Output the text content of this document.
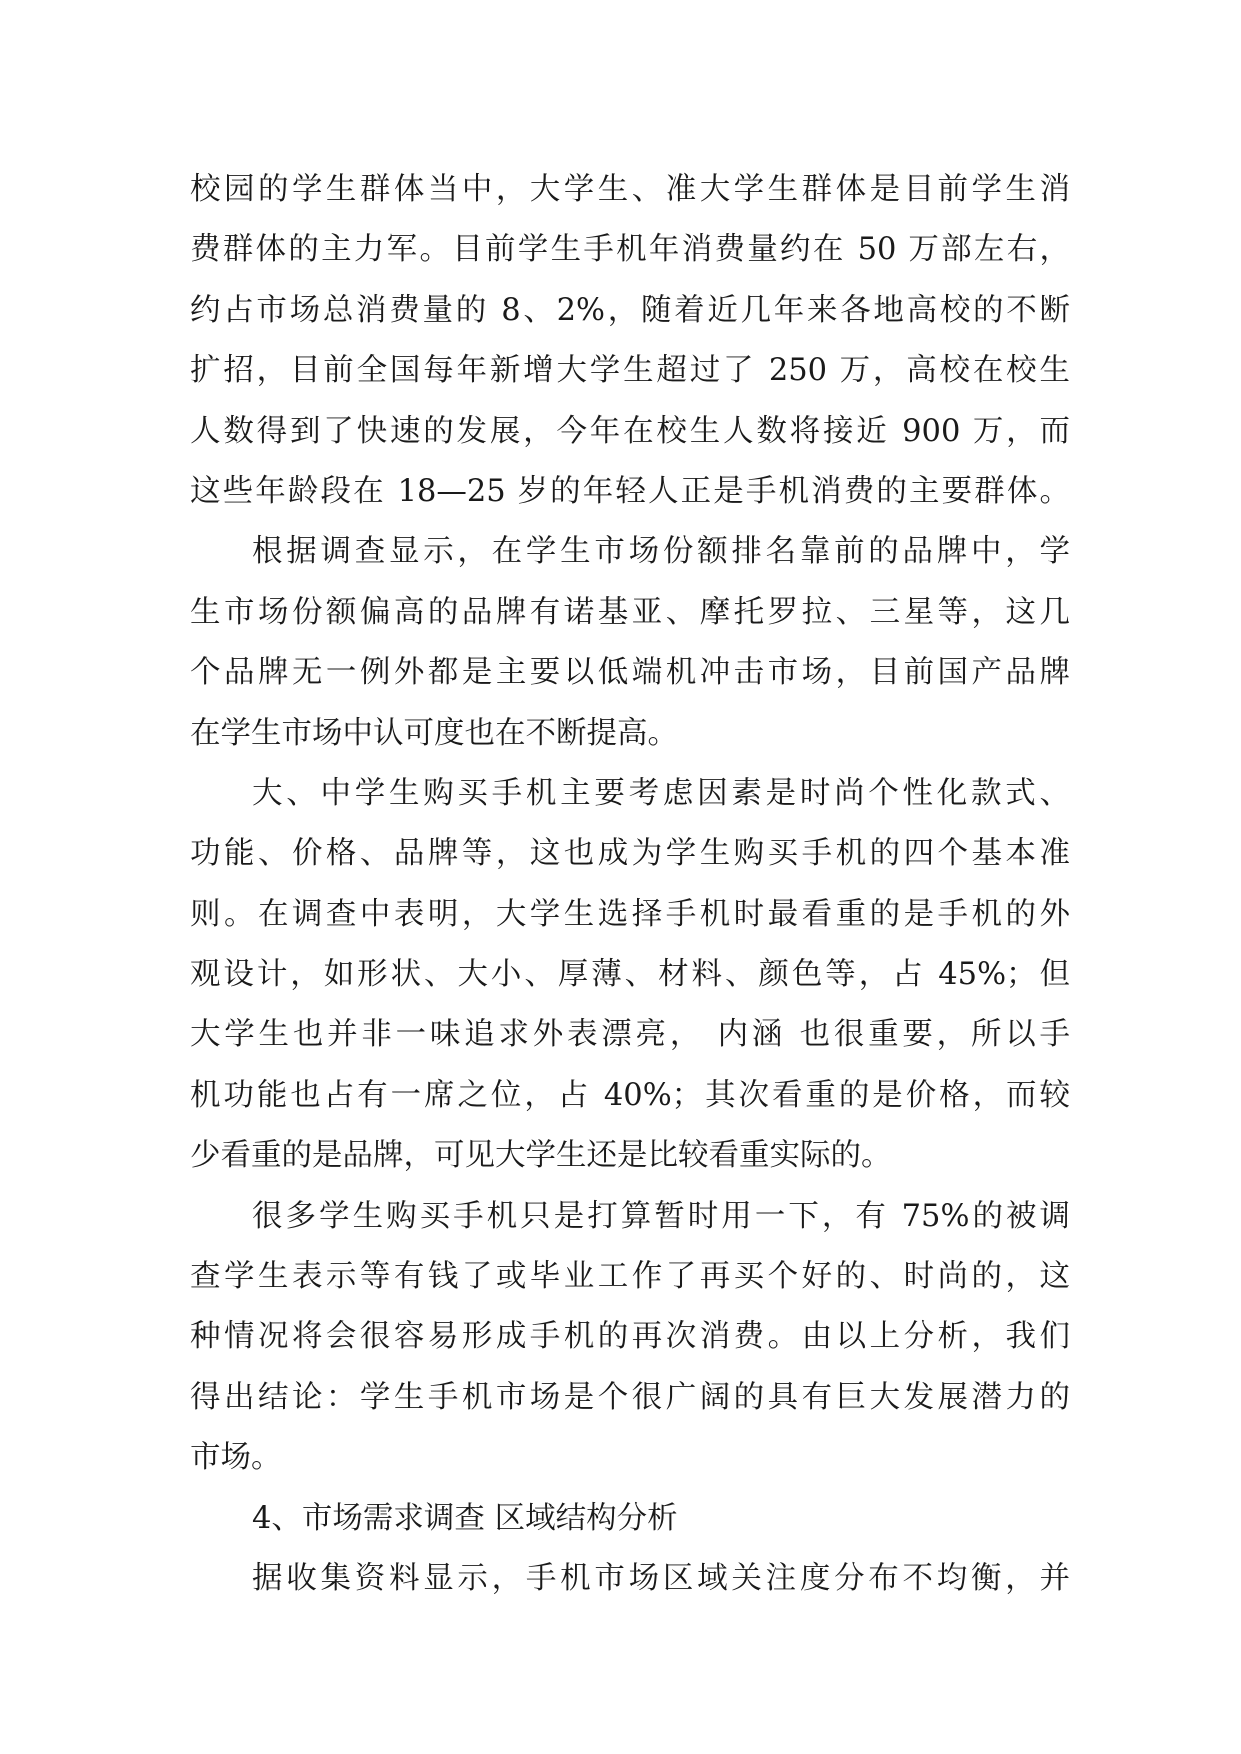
校园的学生群体当中，大学生、准大学生群体是目前学生消
费群体的主力军。目前学生手机年消费量约在 50 万部左右，
约占市场总消费量的 8、2%，随着近几年来各地高校的不断
扩招，目前全国每年新增大学生超过了 250 万，高校在校生
人数得到了快速的发展，今年在校生人数将接近 900 万，而
这些年龄段在 18—25 岁的年轻人正是手机消费的主要群体。
根据调查显示，在学生市场份额排名靠前的品牌中，学
生市场份额偏高的品牌有诺基亚、摩托罗拉、三星等，这几
个品牌无一例外都是主要以低端机冲击市场，目前国产品牌
在学生市场中认可度也在不断提高。
大、中学生购买手机主要考虑因素是时尚个性化款式、
功能、价格、品牌等，这也成为学生购买手机的四个基本准
则。在调查中表明，大学生选择手机时最看重的是手机的外
观设计，如形状、大小、厚薄、材料、颜色等，占 45%；但
大学生也并非一味追求外表漂亮， 内涵 也很重要，所以手
机功能也占有一席之位，占 40%；其次看重的是价格，而较
少看重的是品牌，可见大学生还是比较看重实际的。
很多学生购买手机只是打算暂时用一下，有 75%的被调
查学生表示等有钱了或毕业工作了再买个好的、时尚的，这
种情况将会很容易形成手机的再次消费。由以上分析，我们
得出结论：学生手机市场是个很广阔的具有巨大发展潜力的
市场。
4、市场需求调查 区域结构分析
据收集资料显示，手机市场区域关注度分布不均衡，并
